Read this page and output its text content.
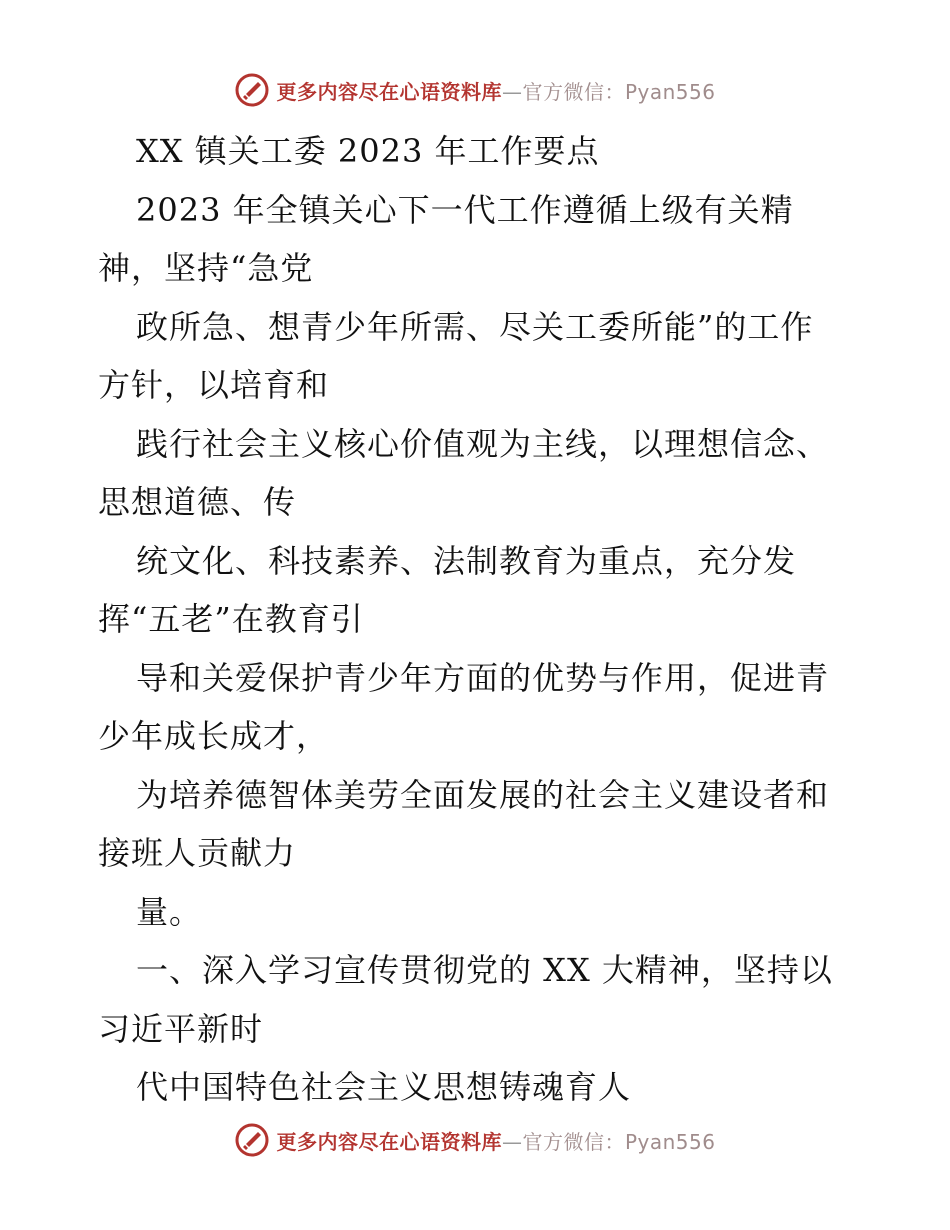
更多内容尽在心语资料库—官方微信：Pyan556
XX 镇关工委 2023 年工作要点
2023 年全镇关心下一代工作遵循上级有关精
神，坚持“急党
政所急、想青少年所需、尽关工委所能”的工作
方针，以培育和
践行社会主义核心价值观为主线，以理想信念、
思想道德、传
统文化、科技素养、法制教育为重点，充分发
挥“五老”在教育引
导和关爱保护青少年方面的优势与作用，促进青
少年成长成才，
为培养德智体美劳全面发展的社会主义建设者和
接班人贡献力
量。
一、深入学习宣传贯彻党的 XX 大精神，坚持以
习近平新时
代中国特色社会主义思想铸魂育人
更多内容尽在心语资料库—官方微信：Pyan556
